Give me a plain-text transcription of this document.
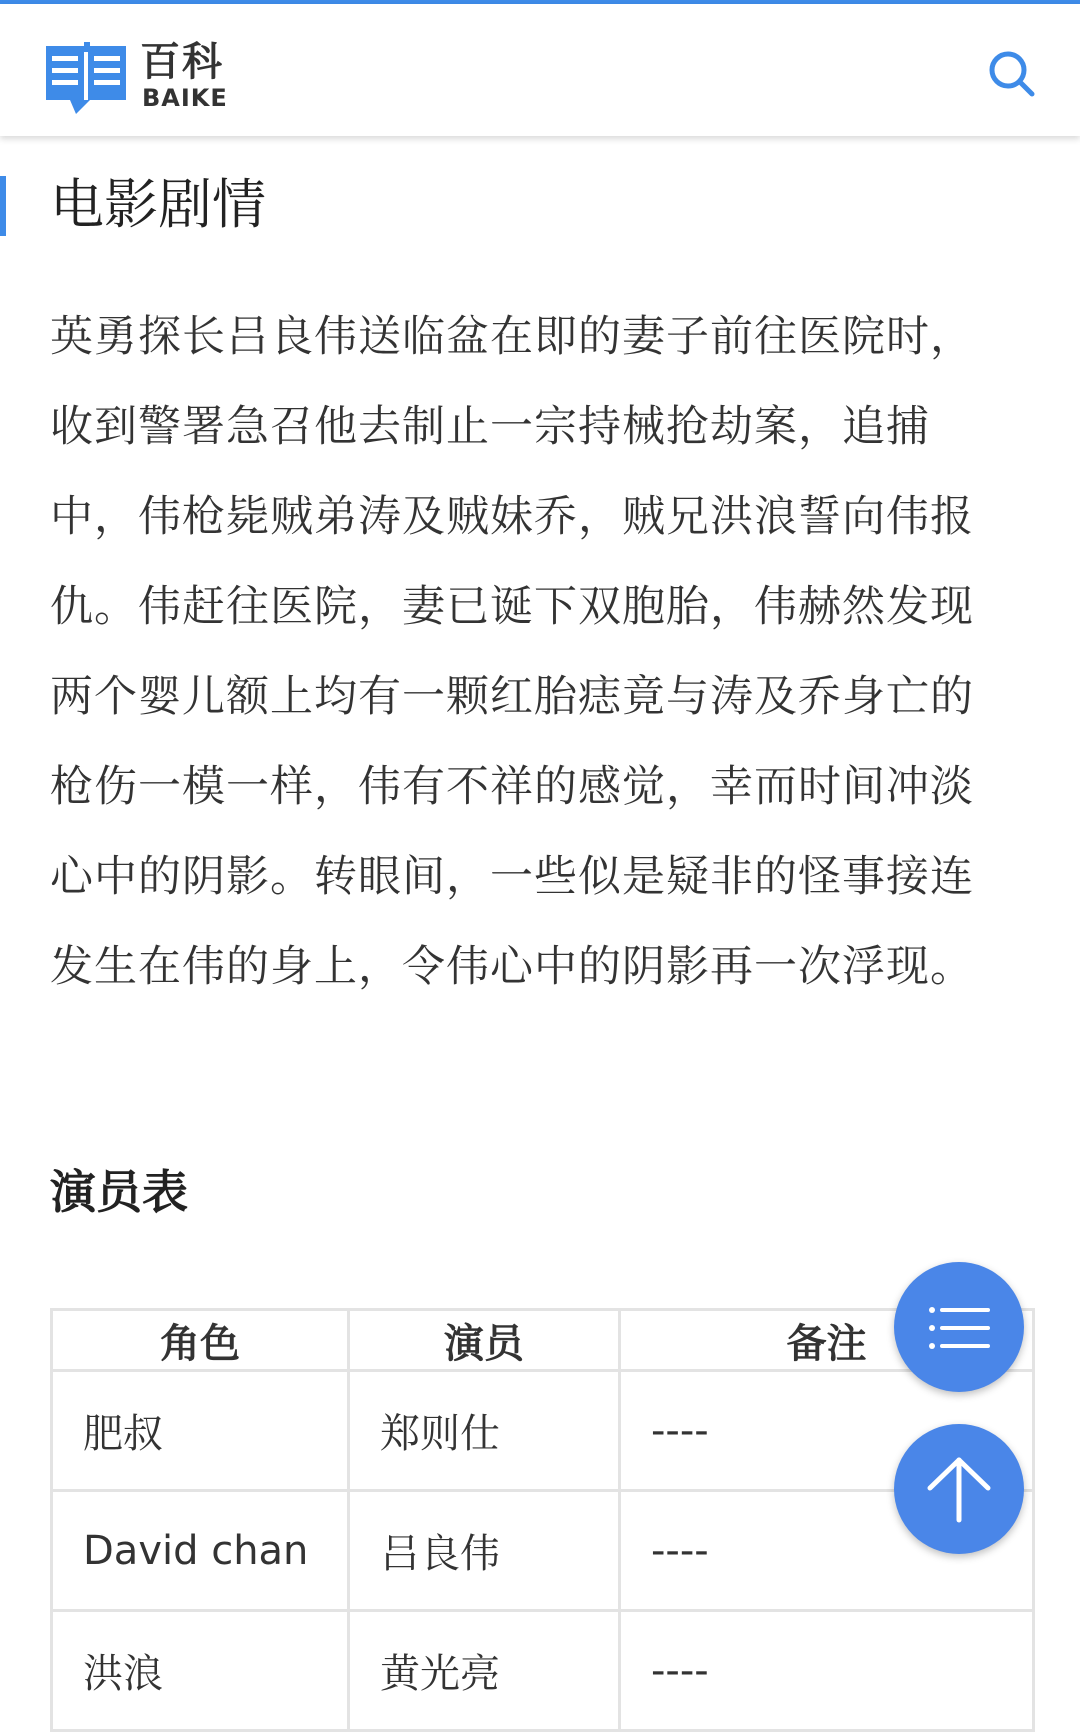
百科
BAIKE
电影剧情

英勇探长吕良伟送临盆在即的妻子前往医院时，收到警署急召他去制止一宗持械抢劫案，追捕中，伟枪毙贼弟涛及贼妹乔，贼兄洪浪誓向伟报仇。伟赶往医院，妻已诞下双胞胎，伟赫然发现两个婴儿额上均有一颗红胎痣竟与涛及乔身亡的枪伤一模一样，伟有不祥的感觉，幸而时间冲淡心中的阴影。转眼间，一些似是疑非的怪事接连发生在伟的身上，令伟心中的阴影再一次浮现。

演员表
角色	演员	备注
肥叔	郑则仕	----
David chan	吕良伟	----
洪浪	黄光亮	----
